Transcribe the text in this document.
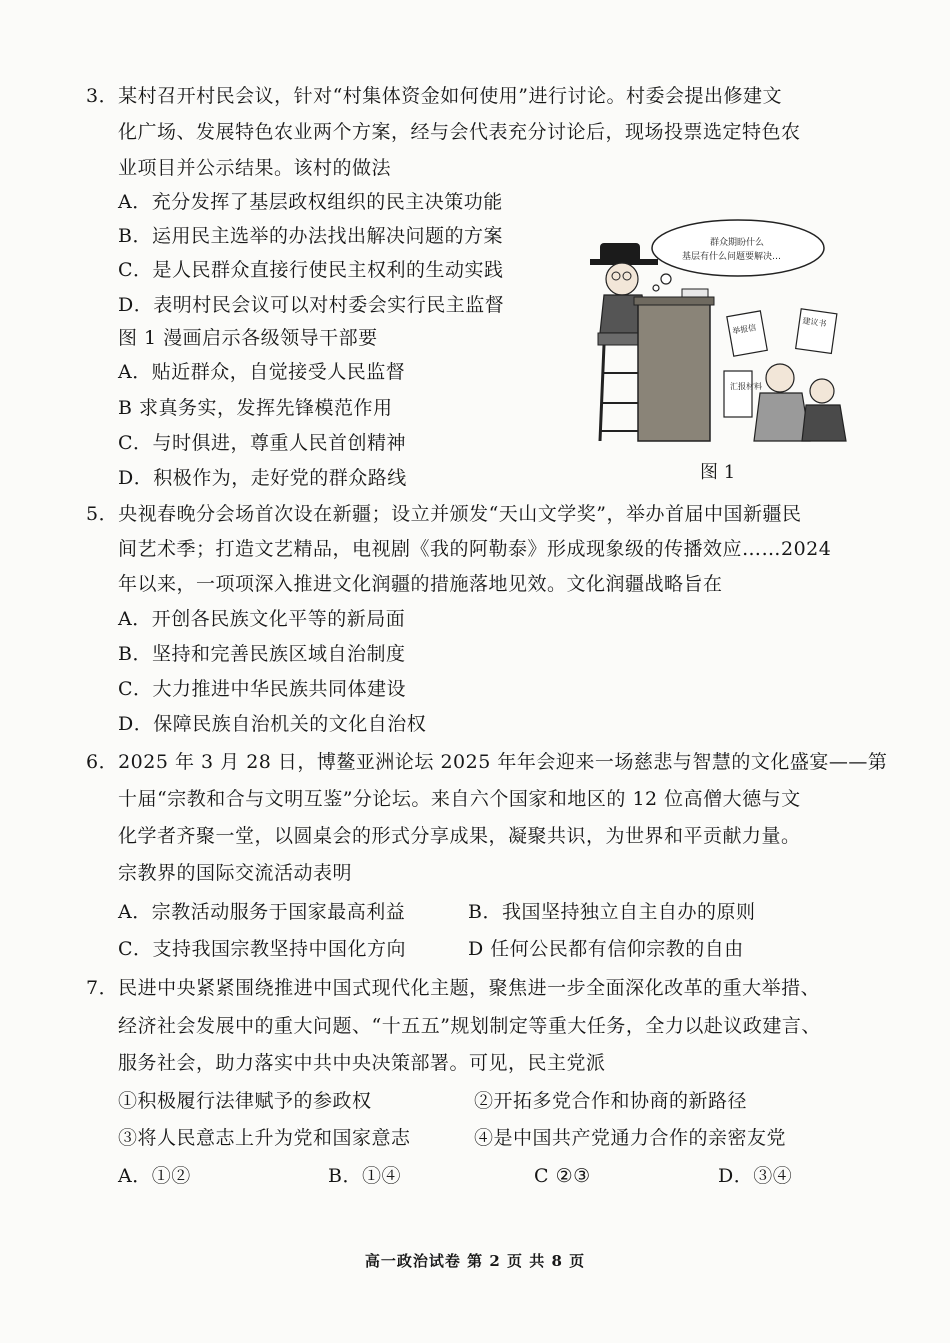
3．某村召开村民会议，针对“村集体资金如何使用”进行讨论。村委会提出修建文
化广场、发展特色农业两个方案，经与会代表充分讨论后，现场投票选定特色农
业项目并公示结果。该村的做法
A．充分发挥了基层政权组织的民主决策功能
B．运用民主选举的办法找出解决问题的方案
C．是人民群众直接行使民主权利的生动实践
D．表明村民会议可以对村委会实行民主监督
图 1 漫画启示各级领导干部要
A．贴近群众，自觉接受人民监督
B 求真务实，发挥先锋模范作用
C．与时俱进，尊重人民首创精神
D．积极作为，走好党的群众路线
群众期盼什么
基层有什么问题要解决…
举报信
建议书
汇报材料
图 1
5．央视春晚分会场首次设在新疆；设立并颁发“天山文学奖”，举办首届中国新疆民
间艺术季；打造文艺精品，电视剧《我的阿勒泰》形成现象级的传播效应……2024
年以来，一项项深入推进文化润疆的措施落地见效。文化润疆战略旨在
A．开创各民族文化平等的新局面
B．坚持和完善民族区域自治制度
C．大力推进中华民族共同体建设
D．保障民族自治机关的文化自治权
6．2025 年 3 月 28 日，博鳌亚洲论坛 2025 年年会迎来一场慈悲与智慧的文化盛宴——第
十届“宗教和合与文明互鉴”分论坛。来自六个国家和地区的 12 位高僧大德与文
化学者齐聚一堂，以圆桌会的形式分享成果，凝聚共识，为世界和平贡献力量。
宗教界的国际交流活动表明
A．宗教活动服务于国家最高利益	B．我国坚持独立自主自办的原则
C．支持我国宗教坚持中国化方向	D 任何公民都有信仰宗教的自由
7．民进中央紧紧围绕推进中国式现代化主题，聚焦进一步全面深化改革的重大举措、
经济社会发展中的重大问题、“十五五”规划制定等重大任务，全力以赴议政建言、
服务社会，助力落实中共中央决策部署。可见，民主党派
①积极履行法律赋予的参政权	②开拓多党合作和协商的新路径
③将人民意志上升为党和国家意志	④是中国共产党通力合作的亲密友党
A．①②	B．①④	C ②③	D．③④
高一政治试卷 第 2 页 共 8 页
